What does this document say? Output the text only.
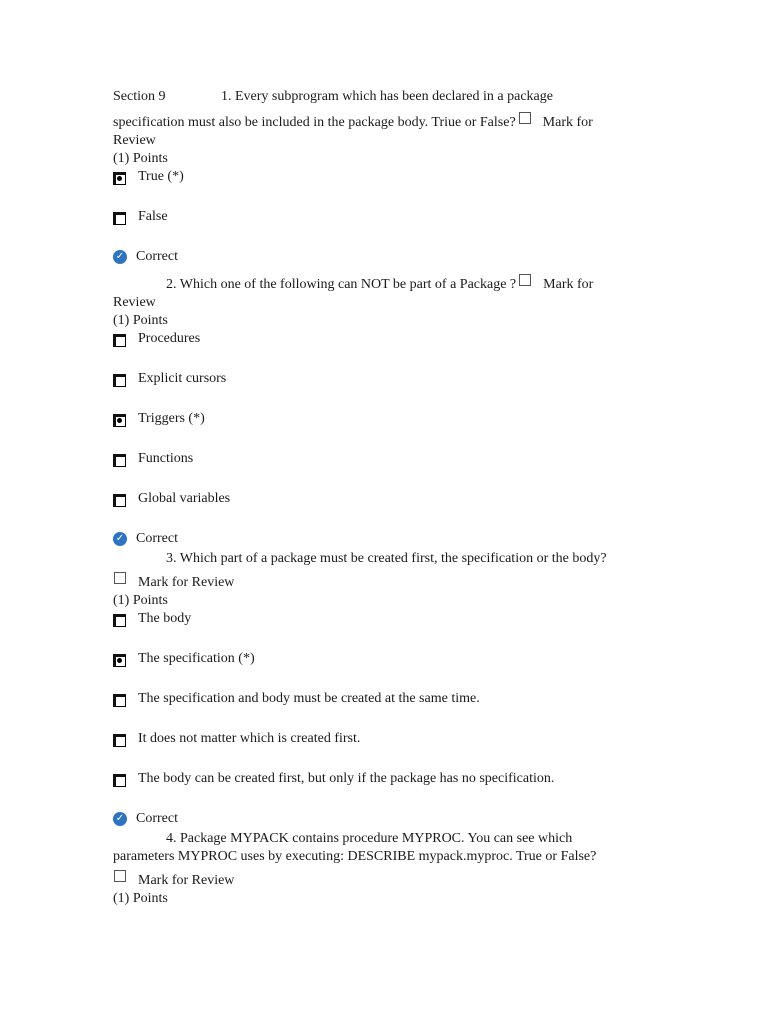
Section 9	1. Every subprogram which has been declared in a package
specification must also be included in the package body. Triue or False? Mark for
Review
(1) Points
True (*)
False
✓ Correct
2. Which one of the following can NOT be part of a Package ? Mark for
Review
(1) Points
Procedures
Explicit cursors
Triggers (*)
Functions
Global variables
✓ Correct
3. Which part of a package must be created first, the specification or the body?
Mark for Review
(1) Points
The body
The specification (*)
The specification and body must be created at the same time.
It does not matter which is created first.
The body can be created first, but only if the package has no specification.
✓ Correct
4. Package MYPACK contains procedure MYPROC. You can see which
parameters MYPROC uses by executing: DESCRIBE mypack.myproc. True or False?
Mark for Review
(1) Points
